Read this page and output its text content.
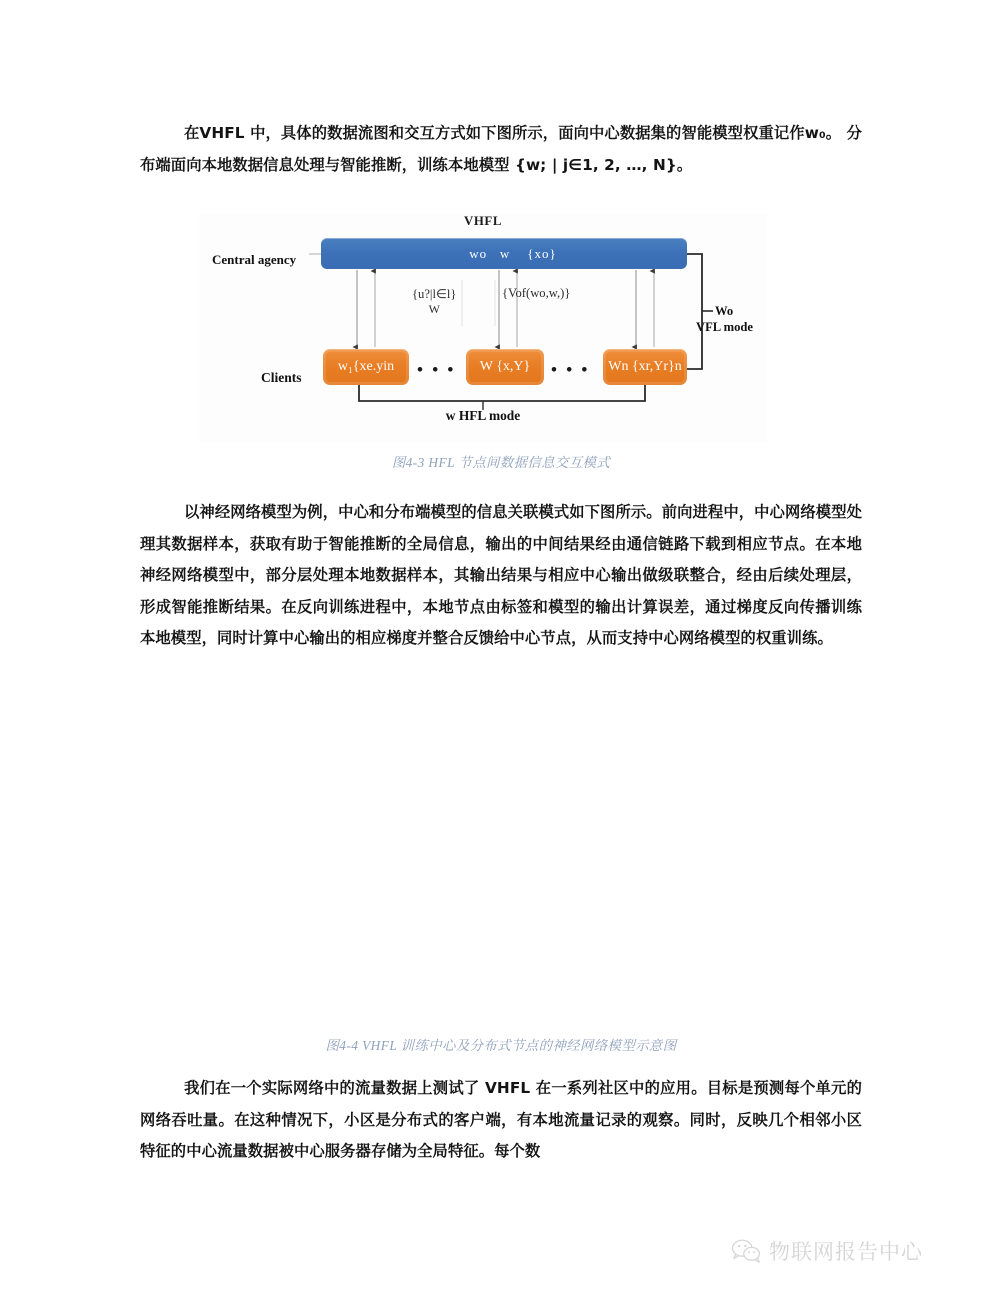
在VHFL 中，具体的数据流图和交互方式如下图所示，面向中心数据集的智能模型权重记作w₀。 分布端面向本地数据信息处理与智能推断，训练本地模型 {w; | j∈1, 2, …, N}。
VHFL
Central agency
Clients
wo   w    {xo}
{u?|l∈l}
W
{Vof(wo,w,)}
Wo
VFL mode
w₁{xe.yin	• • •	W {x,Y}	• • •	Wn {xr,Yr}n
w HFL mode
图4-3 HFL 节点间数据信息交互模式
以神经网络模型为例，中心和分布端模型的信息关联模式如下图所示。前向进程中，中心网络模型处理其数据样本，获取有助于智能推断的全局信息，输出的中间结果经由通信链路下载到相应节点。在本地神经网络模型中，部分层处理本地数据样本，其输出结果与相应中心输出做级联整合，经由后续处理层，形成智能推断结果。在反向训练进程中，本地节点由标签和模型的输出计算误差，通过梯度反向传播训练本地模型，同时计算中心输出的相应梯度并整合反馈给中心节点，从而支持中心网络模型的权重训练。
图4-4 VHFL 训练中心及分布式节点的神经网络模型示意图
我们在一个实际网络中的流量数据上测试了 VHFL 在一系列社区中的应用。目标是预测每个单元的网络吞吐量。在这种情况下，小区是分布式的客户端，有本地流量记录的观察。同时，反映几个相邻小区特征的中心流量数据被中心服务器存储为全局特征。每个数
物联网报告中心
